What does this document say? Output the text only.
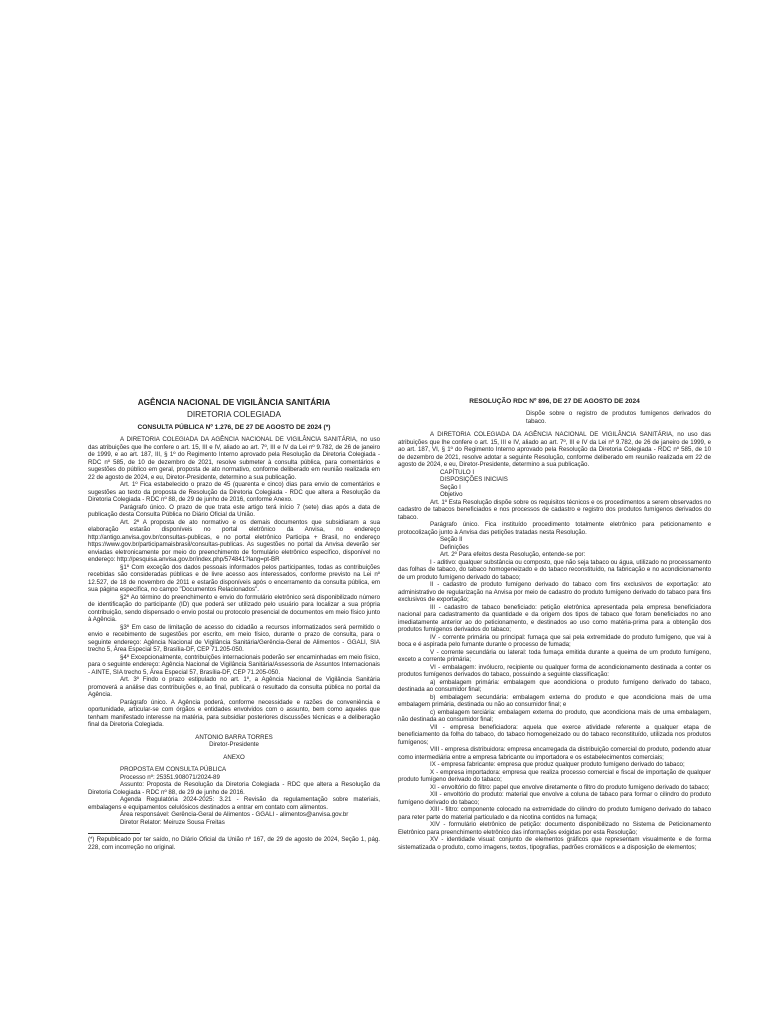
AGÊNCIA NACIONAL DE VIGILÂNCIA SANITÁRIA

DIRETORIA COLEGIADA

CONSULTA PÚBLICA Nº 1.276, DE 27 DE AGOSTO DE 2024 (*)

A DIRETORIA COLEGIADA DA AGÊNCIA NACIONAL DE VIGILÂNCIA SANITÁRIA, no uso das atribuições que lhe confere o art. 15, III e IV, aliado ao art. 7º, III e IV da Lei nº 9.782, de 26 de janeiro de 1999, e ao art. 187, III, § 1º do Regimento Interno aprovado pela Resolução da Diretoria Colegiada - RDC nº 585, de 10 de dezembro de 2021, resolve submeter à consulta pública, para comentários e sugestões do público em geral, proposta de ato normativo, conforme deliberado em reunião realizada em 22 de agosto de 2024, e eu, Diretor-Presidente, determino a sua publicação.

Art. 1º Fica estabelecido o prazo de 45 (quarenta e cinco) dias para envio de comentários e sugestões ao texto da proposta de Resolução da Diretoria Colegiada - RDC que altera a Resolução da Diretoria Colegiada - RDC nº 88, de 29 de junho de 2016, conforme Anexo.

Parágrafo único. O prazo de que trata este artigo terá início 7 (sete) dias após a data de publicação desta Consulta Pública no Diário Oficial da União.

Art. 2º A proposta de ato normativo e os demais documentos que subsidiaram a sua elaboração estarão disponíveis no portal eletrônico da Anvisa, no endereço http://antigo.anvisa.gov.br/consultas-publicas, e no portal eletrônico Participa + Brasil, no endereço https://www.gov.br/participamaisbrasil/consultas-publicas. As sugestões no portal da Anvisa deverão ser enviadas eletronicamente por meio do preenchimento de formulário eletrônico específico, disponível no endereço: http://pesquisa.anvisa.gov.br/index.php/574841?lang=pt-BR

§1º Com exceção dos dados pessoais informados pelos participantes, todas as contribuições recebidas são consideradas públicas e de livre acesso aos interessados, conforme previsto na Lei nº 12.527, de 18 de novembro de 2011 e estarão disponíveis após o encerramento da consulta pública, em sua página específica, no campo "Documentos Relacionados".

§2º Ao término do preenchimento e envio do formulário eletrônico será disponibilizado número de identificação do participante (ID) que poderá ser utilizado pelo usuário para localizar a sua própria contribuição, sendo dispensado o envio postal ou protocolo presencial de documentos em meio físico junto à Agência.

§3º Em caso de limitação de acesso do cidadão a recursos informatizados será permitido o envio e recebimento de sugestões por escrito, em meio físico, durante o prazo de consulta, para o seguinte endereço: Agência Nacional de Vigilância Sanitária/Gerência-Geral de Alimentos - GGALI, SIA trecho 5, Área Especial 57, Brasília-DF, CEP 71.205-050.

§4º Excepcionalmente, contribuições internacionais poderão ser encaminhadas em meio físico, para o seguinte endereço: Agência Nacional de Vigilância Sanitária/Assessoria de Assuntos Internacionais - AINTE, SIA trecho 5, Área Especial 57, Brasília-DF, CEP 71.205-050.

Art. 3º Findo o prazo estipulado no art. 1º, a Agência Nacional de Vigilância Sanitária promoverá a análise das contribuições e, ao final, publicará o resultado da consulta pública no portal da Agência.

Parágrafo único. A Agência poderá, conforme necessidade e razões de conveniência e oportunidade, articular-se com órgãos e entidades envolvidos com o assunto, bem como aqueles que tenham manifestado interesse na matéria, para subsidiar posteriores discussões técnicas e a deliberação final da Diretoria Colegiada.

ANTONIO BARRA TORRES

Diretor-Presidente

ANEXO

PROPOSTA EM CONSULTA PÚBLICA

Processo nº: 25351.908071/2024-89

Assunto: Proposta de Resolução da Diretoria Colegiada - RDC que altera a Resolução da Diretoria Colegiada - RDC nº 88, de 29 de junho de 2016.

Agenda Regulatória 2024-2025: 3.21 - Revisão da regulamentação sobre materiais, embalagens e equipamentos celulósicos destinados a entrar em contato com alimentos.

Área responsável: Gerência-Geral de Alimentos - GGALI - alimentos@anvisa.gov.br

Diretor Relator: Meiruze Sousa Freitas

(*) Republicado por ter saído, no Diário Oficial da União nº 167, de 29 de agosto de 2024, Seção 1, pág. 228, com incorreção no original.

RESOLUÇÃO RDC Nº 896, DE 27 DE AGOSTO DE 2024

Dispõe sobre o registro de produtos fumígenos derivados do tabaco.

A DIRETORIA COLEGIADA DA AGÊNCIA NACIONAL DE VIGILÂNCIA SANITÁRIA, no uso das atribuições que lhe confere o art. 15, III e IV, aliado ao art. 7º, III e IV da Lei nº 9.782, de 26 de janeiro de 1999, e ao art. 187, VI, § 1º do Regimento Interno aprovado pela Resolução da Diretoria Colegiada - RDC nº 585, de 10 de dezembro de 2021, resolve adotar a seguinte Resolução, conforme deliberado em reunião realizada em 22 de agosto de 2024, e eu, Diretor-Presidente, determino a sua publicação.

CAPÍTULO I

DISPOSIÇÕES INICIAIS

Seção I

Objetivo

Art. 1º Esta Resolução dispõe sobre os requisitos técnicos e os procedimentos a serem observados no cadastro de tabacos beneficiados e nos processos de cadastro e registro dos produtos fumígenos derivados do tabaco.

Parágrafo único. Fica instituído procedimento totalmente eletrônico para peticionamento e protocolização junto à Anvisa das petições tratadas nesta Resolução.

Seção II

Definições

Art. 2º Para efeitos desta Resolução, entende-se por:

I - aditivo: qualquer substância ou composto, que não seja tabaco ou água, utilizado no processamento das folhas de tabaco, do tabaco homogeneizado e do tabaco reconstituído, na fabricação e no acondicionamento de um produto fumígeno derivado do tabaco;

II - cadastro de produto fumígeno derivado do tabaco com fins exclusivos de exportação: ato administrativo de regularização na Anvisa por meio de cadastro do produto fumígeno derivado do tabaco para fins exclusivos de exportação;

III - cadastro de tabaco beneficiado: petição eletrônica apresentada pela empresa beneficiadora nacional para cadastramento da quantidade e da origem dos tipos de tabaco que foram beneficiados no ano imediatamente anterior ao do peticionamento, e destinados ao uso como matéria-prima para a obtenção dos produtos fumígenos derivados do tabaco;

IV - corrente primária ou principal: fumaça que sai pela extremidade do produto fumígeno, que vai à boca e é aspirada pelo fumante durante o processo de fumada;

V - corrente secundária ou lateral: toda fumaça emitida durante a queima de um produto fumígeno, exceto a corrente primária;

VI - embalagem: invólucro, recipiente ou qualquer forma de acondicionamento destinada a conter os produtos fumígenos derivados do tabaco, possuindo a seguinte classificação:

a) embalagem primária: embalagem que acondiciona o produto fumígeno derivado do tabaco, destinada ao consumidor final;

b) embalagem secundária: embalagem externa do produto e que acondiciona mais de uma embalagem primária, destinada ou não ao consumidor final; e

c) embalagem terciária: embalagem externa do produto, que acondiciona mais de uma embalagem, não destinada ao consumidor final;

VII - empresa beneficiadora: aquela que exerce atividade referente a qualquer etapa de beneficiamento da folha do tabaco, do tabaco homogeneizado ou do tabaco reconstituído, utilizada nos produtos fumígenos;

VIII - empresa distribuidora: empresa encarregada da distribuição comercial do produto, podendo atuar como intermediária entre a empresa fabricante ou importadora e os estabelecimentos comerciais;

IX - empresa fabricante: empresa que produz qualquer produto fumígeno derivado do tabaco;

X - empresa importadora: empresa que realiza processo comercial e fiscal de importação de qualquer produto fumígeno derivado do tabaco;

XI - envoltório do filtro: papel que envolve diretamente o filtro do produto fumígeno derivado do tabaco;

XII - envoltório do produto: material que envolve a coluna de tabaco para formar o cilindro do produto fumígeno derivado do tabaco;

XIII - filtro: componente colocado na extremidade do cilindro do produto fumígeno derivado do tabaco para reter parte do material particulado e da nicotina contidos na fumaça;

XIV - formulário eletrônico de petição: documento disponibilizado no Sistema de Peticionamento Eletrônico para preenchimento eletrônico das informações exigidas por esta Resolução;

XV - identidade visual: conjunto de elementos gráficos que representam visualmente e de forma sistematizada o produto, como imagens, textos, tipografias, padrões cromáticos e a disposição de elementos;
